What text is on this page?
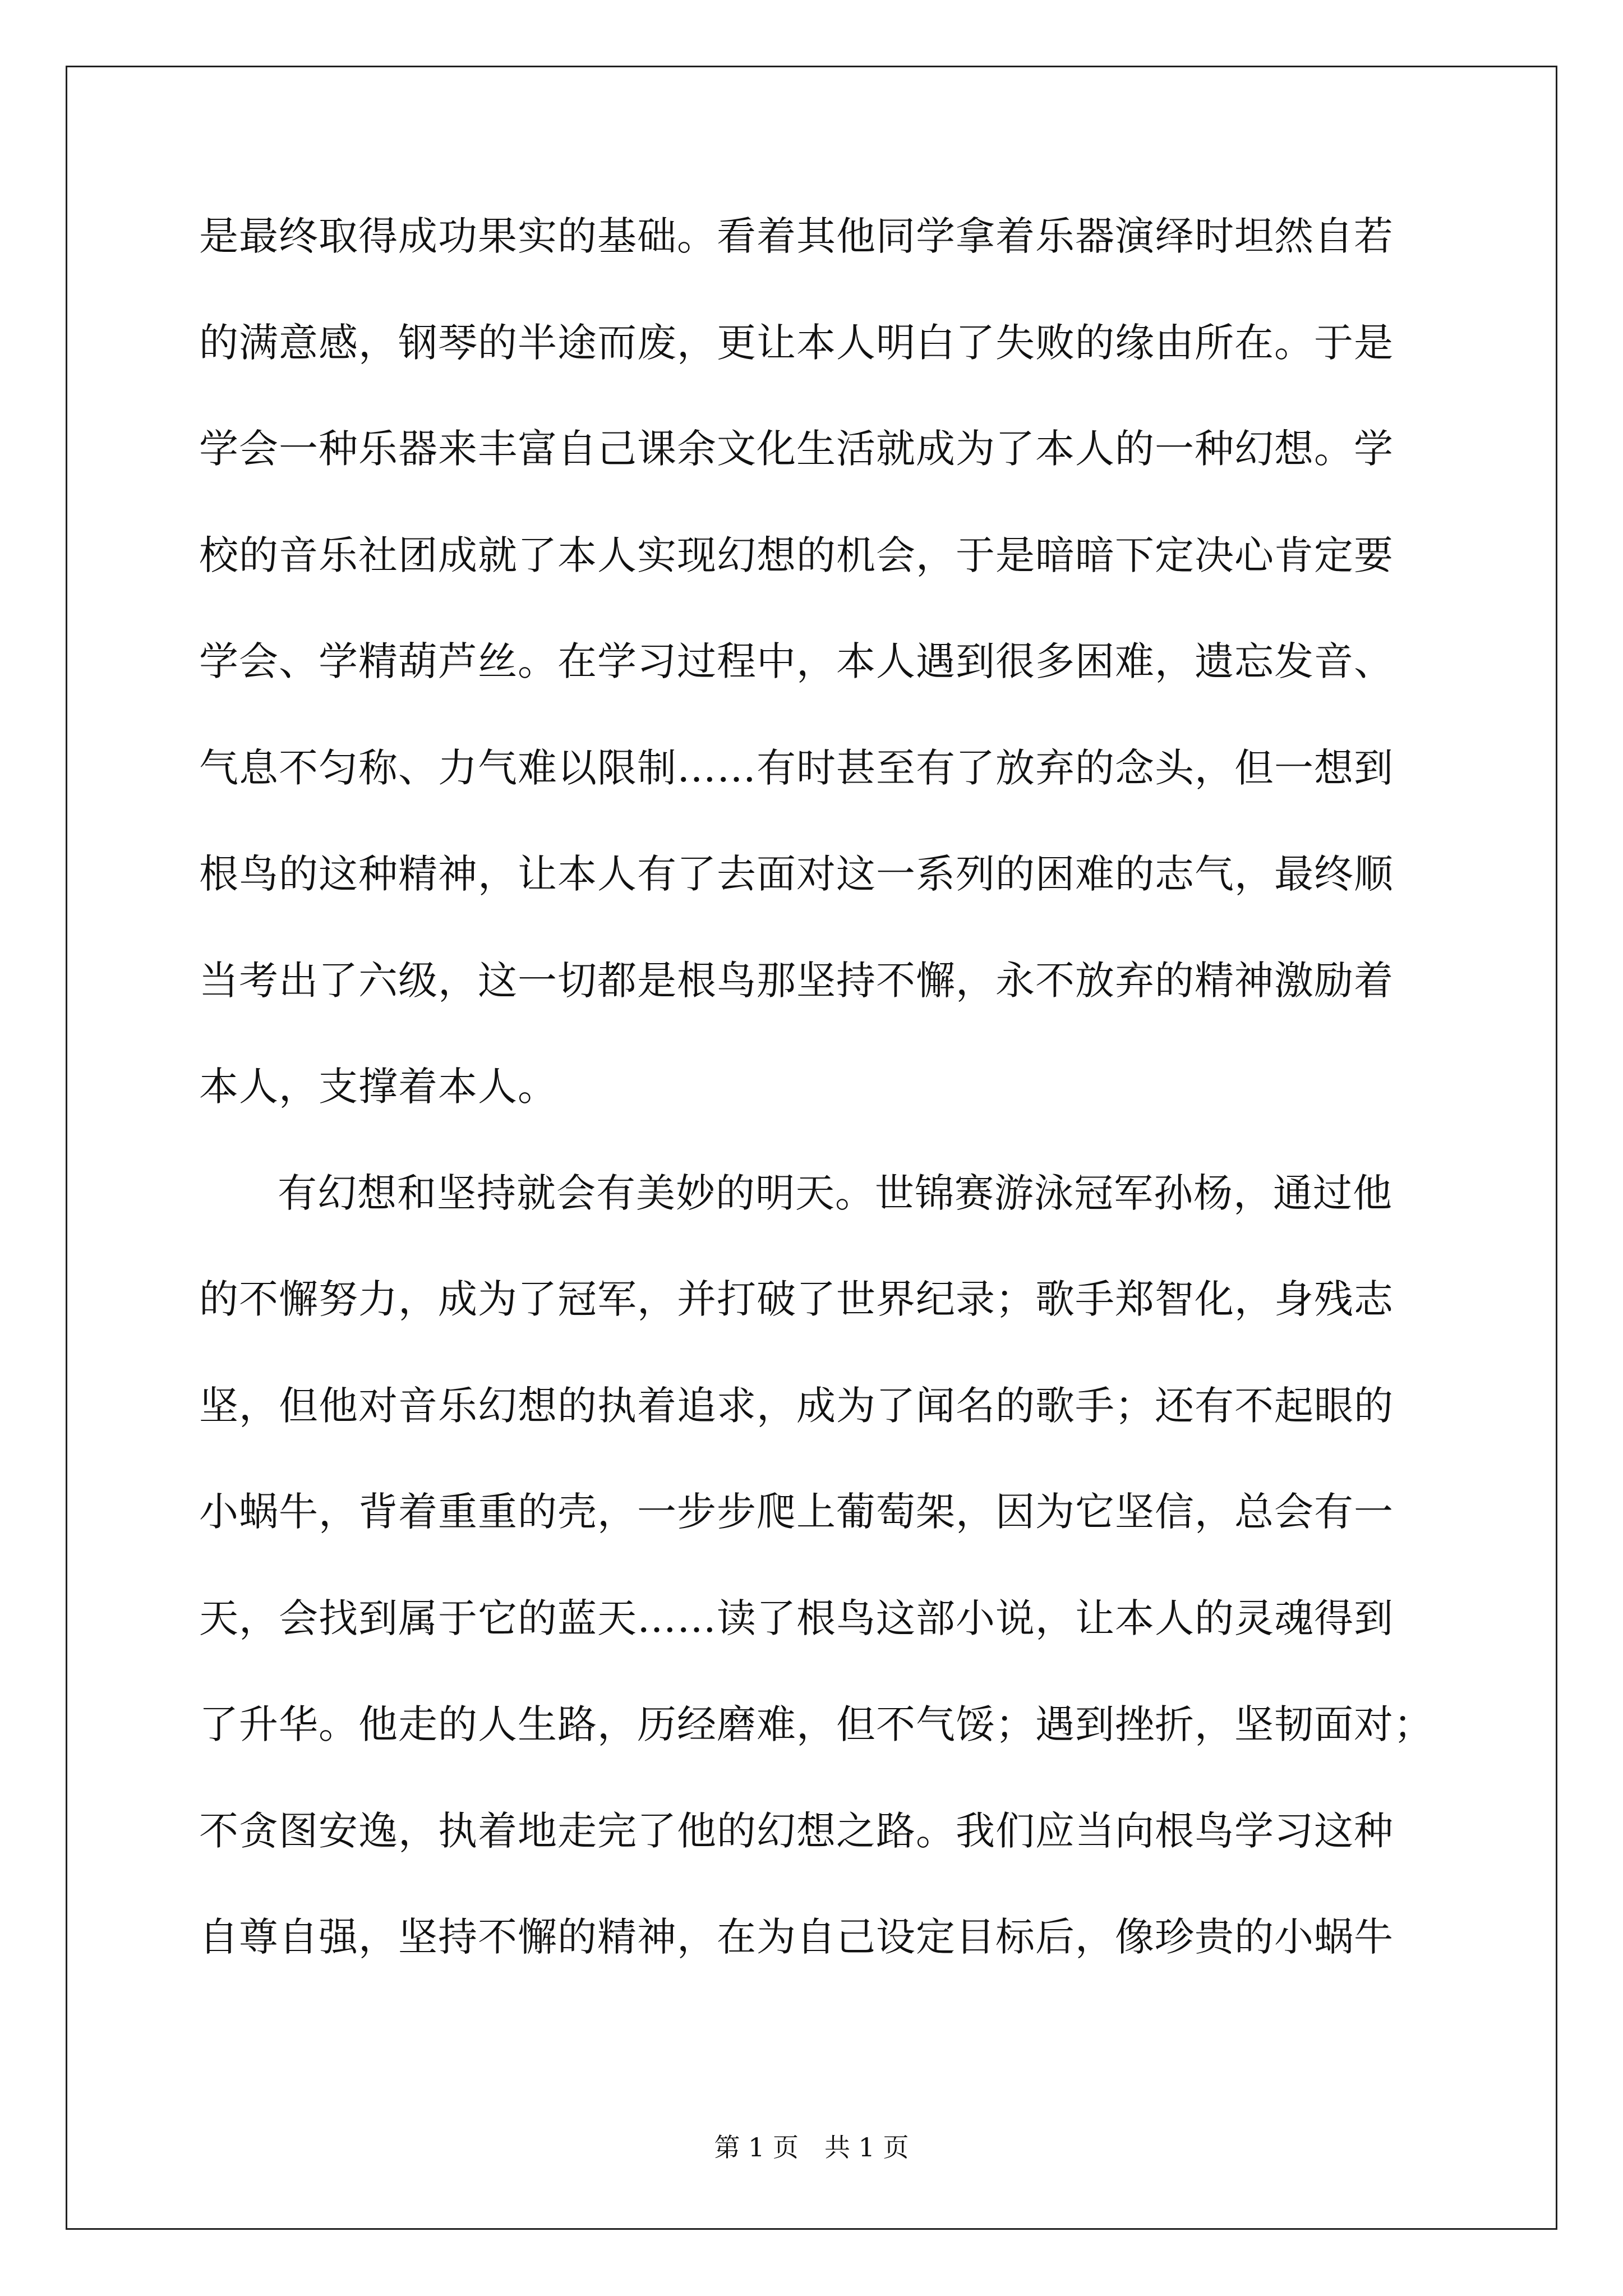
是最终取得成功果实的基础。看着其他同学拿着乐器演绎时坦然自若
的满意感，钢琴的半途而废，更让本人明白了失败的缘由所在。于是
学会一种乐器来丰富自己课余文化生活就成为了本人的一种幻想。学
校的音乐社团成就了本人实现幻想的机会，于是暗暗下定决心肯定要
学会、学精葫芦丝。在学习过程中，本人遇到很多困难，遗忘发音、
气息不匀称、力气难以限制……有时甚至有了放弃的念头，但一想到
根鸟的这种精神，让本人有了去面对这一系列的困难的志气，最终顺
当考出了六级，这一切都是根鸟那坚持不懈，永不放弃的精神激励着
本人，支撑着本人。
有幻想和坚持就会有美妙的明天。世锦赛游泳冠军孙杨，通过他
的不懈努力，成为了冠军，并打破了世界纪录；歌手郑智化，身残志
坚，但他对音乐幻想的执着追求，成为了闻名的歌手；还有不起眼的
小蜗牛，背着重重的壳，一步步爬上葡萄架，因为它坚信，总会有一
天，会找到属于它的蓝天……读了根鸟这部小说，让本人的灵魂得到
了升华。他走的人生路，历经磨难，但不气馁；遇到挫折，坚韧面对；
不贪图安逸，执着地走完了他的幻想之路。我们应当向根鸟学习这种
自尊自强，坚持不懈的精神，在为自己设定目标后，像珍贵的小蜗牛
第 1 页　共 1 页
